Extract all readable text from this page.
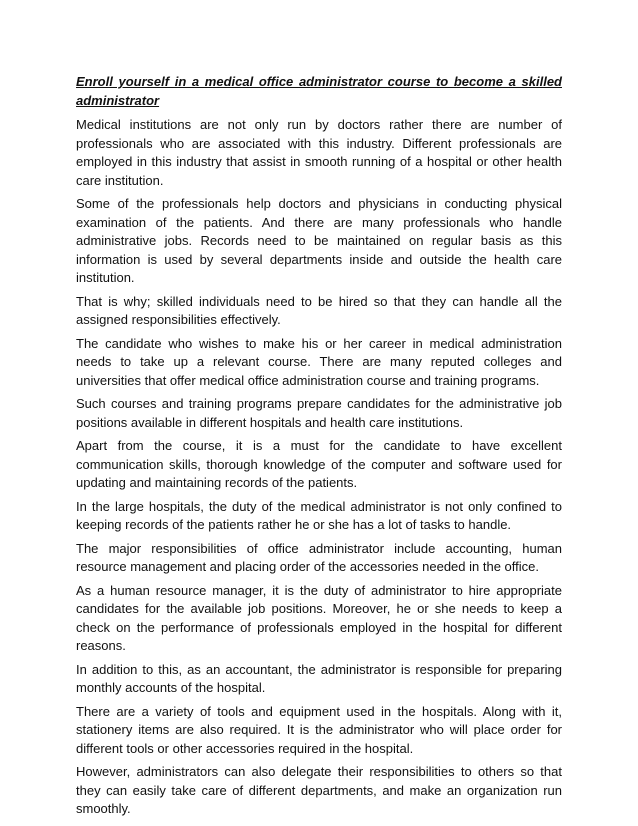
Enroll yourself in a medical office administrator course to become a skilled administrator

Medical institutions are not only run by doctors rather there are number of professionals who are associated with this industry. Different professionals are employed in this industry that assist in smooth running of a hospital or other health care institution.

Some of the professionals help doctors and physicians in conducting physical examination of the patients. And there are many professionals who handle administrative jobs. Records need to be maintained on regular basis as this information is used by several departments inside and outside the health care institution.

That is why; skilled individuals need to be hired so that they can handle all the assigned responsibilities effectively.

The candidate who wishes to make his or her career in medical administration needs to take up a relevant course. There are many reputed colleges and universities that offer medical office administration course and training programs.

Such courses and training programs prepare candidates for the administrative job positions available in different hospitals and health care institutions.

Apart from the course, it is a must for the candidate to have excellent communication skills, thorough knowledge of the computer and software used for updating and maintaining records of the patients.

In the large hospitals, the duty of the medical administrator is not only confined to keeping records of the patients rather he or she has a lot of tasks to handle.

The major responsibilities of office administrator include accounting, human resource management and placing order of the accessories needed in the office.

As a human resource manager, it is the duty of administrator to hire appropriate candidates for the available job positions. Moreover, he or she needs to keep a check on the performance of professionals employed in the hospital for different reasons.

In addition to this, as an accountant, the administrator is responsible for preparing monthly accounts of the hospital.

There are a variety of tools and equipment used in the hospitals. Along with it, stationery items are also required. It is the administrator who will place order for different tools or other accessories required in the hospital.

However, administrators can also delegate their responsibilities to others so that they can easily take care of different departments, and make an organization run smoothly.
